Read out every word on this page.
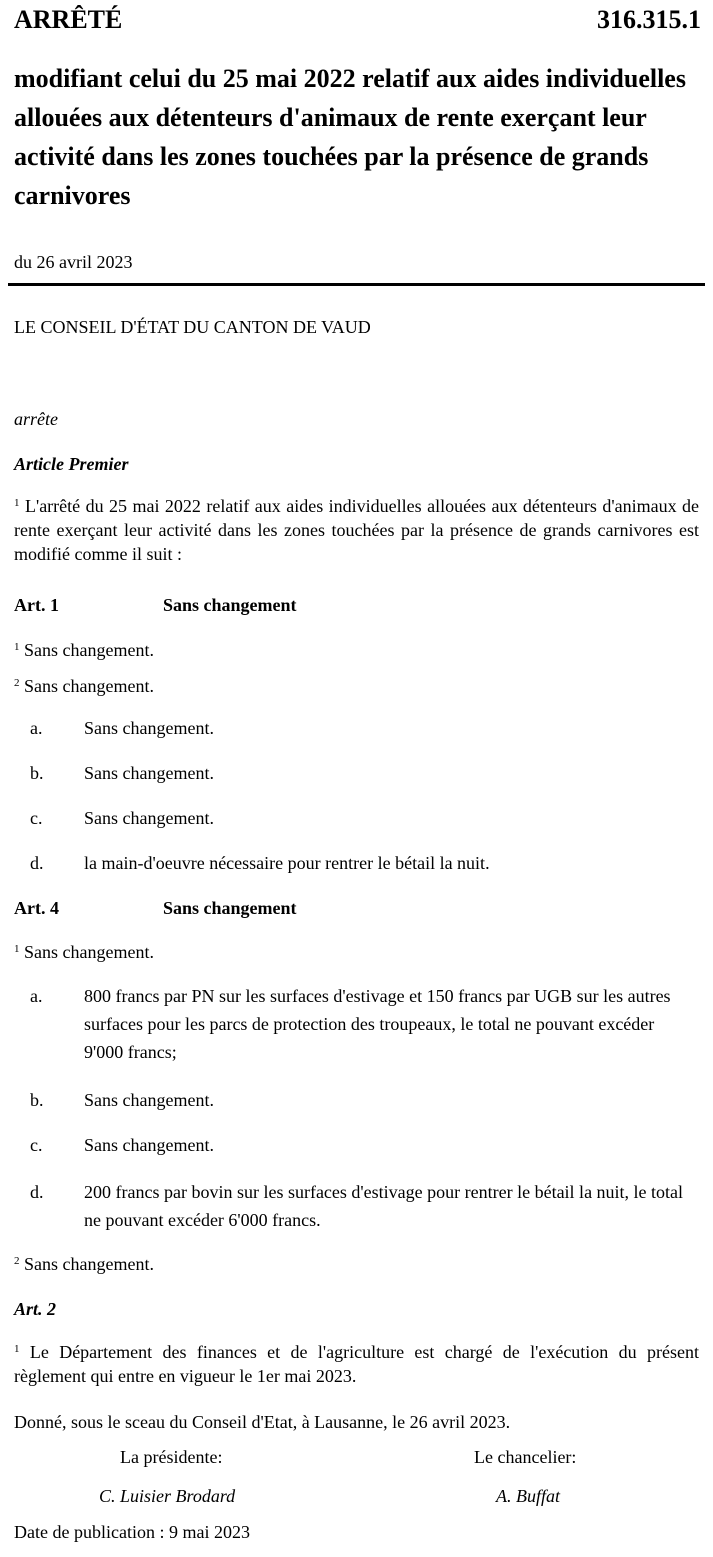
ARRÊTÉ	316.315.1
modifiant celui du 25 mai 2022 relatif aux aides individuelles allouées aux détenteurs d'animaux de rente exerçant leur activité dans les zones touchées par la présence de grands carnivores
du 26 avril 2023
LE CONSEIL D'ÉTAT DU CANTON DE VAUD
arrête
Article Premier
$^1$ L'arrêté du 25 mai 2022 relatif aux aides individuelles allouées aux détenteurs d'animaux de rente exerçant leur activité dans les zones touchées par la présence de grands carnivores est modifié comme il suit :
Art. 1	Sans changement
$^1$ Sans changement.
$^2$ Sans changement.
a. Sans changement.
b. Sans changement.
c. Sans changement.
d. la main-d'oeuvre nécessaire pour rentrer le bétail la nuit.
Art. 4	Sans changement
$^1$ Sans changement.
a. 800 francs par PN sur les surfaces d'estivage et 150 francs par UGB sur les autres surfaces pour les parcs de protection des troupeaux, le total ne pouvant excéder 9'000 francs;
b. Sans changement.
c. Sans changement.
d. 200 francs par bovin sur les surfaces d'estivage pour rentrer le bétail la nuit, le total ne pouvant excéder 6'000 francs.
$^2$ Sans changement.
Art. 2
$^1$ Le Département des finances et de l'agriculture est chargé de l'exécution du présent règlement qui entre en vigueur le 1er mai 2023.
Donné, sous le sceau du Conseil d'Etat, à Lausanne, le 26 avril 2023.
La présidente:	Le chancelier:
C. Luisier Brodard	A. Buffat
Date de publication : 9 mai 2023
